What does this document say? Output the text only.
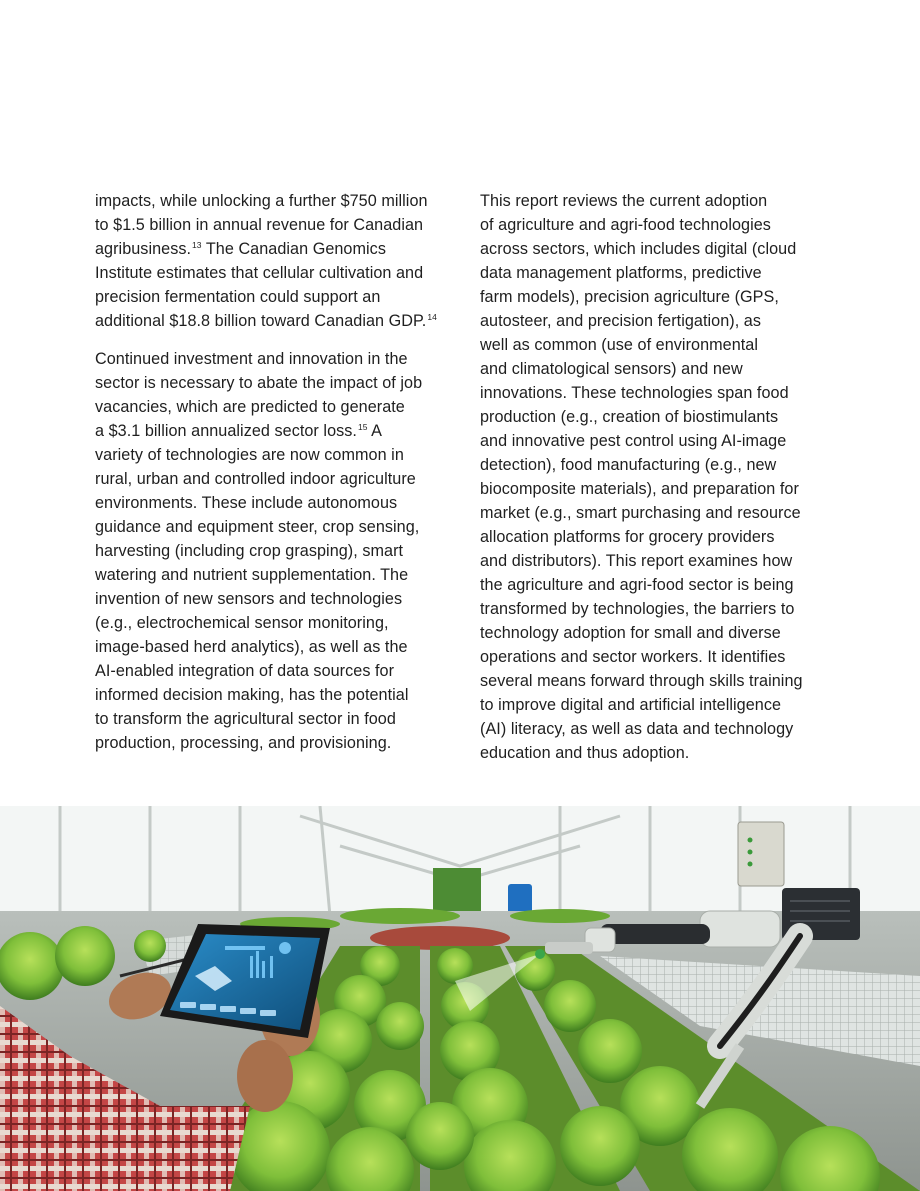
impacts, while unlocking a further $750 million
to $1.5 billion in annual revenue for Canadian
agribusiness.$^{13}$ The Canadian Genomics
Institute estimates that cellular cultivation and
precision fermentation could support an
additional $18.8 billion toward Canadian GDP.$^{14}$

Continued investment and innovation in the
sector is necessary to abate the impact of job
vacancies, which are predicted to generate
a $3.1 billion annualized sector loss.$^{15}$ A
variety of technologies are now common in
rural, urban and controlled indoor agriculture
environments. These include autonomous
guidance and equipment steer, crop sensing,
harvesting (including crop grasping), smart
watering and nutrient supplementation. The
invention of new sensors and technologies
(e.g., electrochemical sensor monitoring,
image-based herd analytics), as well as the
AI-enabled integration of data sources for
informed decision making, has the potential
to transform the agricultural sector in food
production, processing, and provisioning.

This report reviews the current adoption
of agriculture and agri-food technologies
across sectors, which includes digital (cloud
data management platforms, predictive
farm models), precision agriculture (GPS,
autosteer, and precision fertigation), as
well as common (use of environmental
and climatological sensors) and new
innovations. These technologies span food
production (e.g., creation of biostimulants
and innovative pest control using AI-image
detection), food manufacturing (e.g., new
biocomposite materials), and preparation for
market (e.g., smart purchasing and resource
allocation platforms for grocery providers
and distributors). This report examines how
the agriculture and agri-food sector is being
transformed by technologies, the barriers to
technology adoption for small and diverse
operations and sector workers. It identifies
several means forward through skills training
to improve digital and artificial intelligence
(AI) literacy, as well as data and technology
education and thus adoption.
